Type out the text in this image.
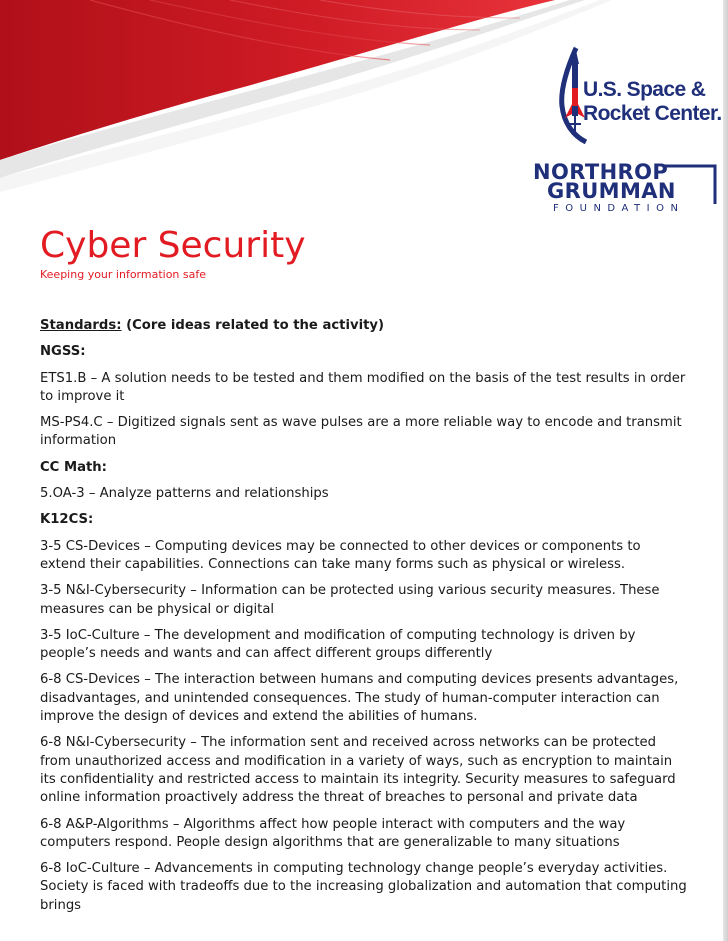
U.S. Space &
Rocket Center.
NORTHROP
GRUMMAN
FOUNDATION
Cyber Security
Keeping your information safe

Standards: (Core ideas related to the activity)

NGSS:

ETS1.B – A solution needs to be tested and them modified on the basis of the test results in order to improve it

MS-PS4.C – Digitized signals sent as wave pulses are a more reliable way to encode and transmit information

CC Math:

5.OA-3 – Analyze patterns and relationships

K12CS:

3-5 CS-Devices – Computing devices may be connected to other devices or components to extend their capabilities. Connections can take many forms such as physical or wireless.

3-5 N&I-Cybersecurity – Information can be protected using various security measures. These measures can be physical or digital

3-5 IoC-Culture – The development and modification of computing technology is driven by people’s needs and wants and can affect different groups differently

6-8 CS-Devices – The interaction between humans and computing devices presents advantages, disadvantages, and unintended consequences. The study of human-computer interaction can improve the design of devices and extend the abilities of humans.

6-8 N&I-Cybersecurity – The information sent and received across networks can be protected from unauthorized access and modification in a variety of ways, such as encryption to maintain its confidentiality and restricted access to maintain its integrity. Security measures to safeguard online information proactively address the threat of breaches to personal and private data

6-8 A&P-Algorithms – Algorithms affect how people interact with computers and the way computers respond. People design algorithms that are generalizable to many situations

6-8 IoC-Culture – Advancements in computing technology change people’s everyday activities. Society is faced with tradeoffs due to the increasing globalization and automation that computing brings
